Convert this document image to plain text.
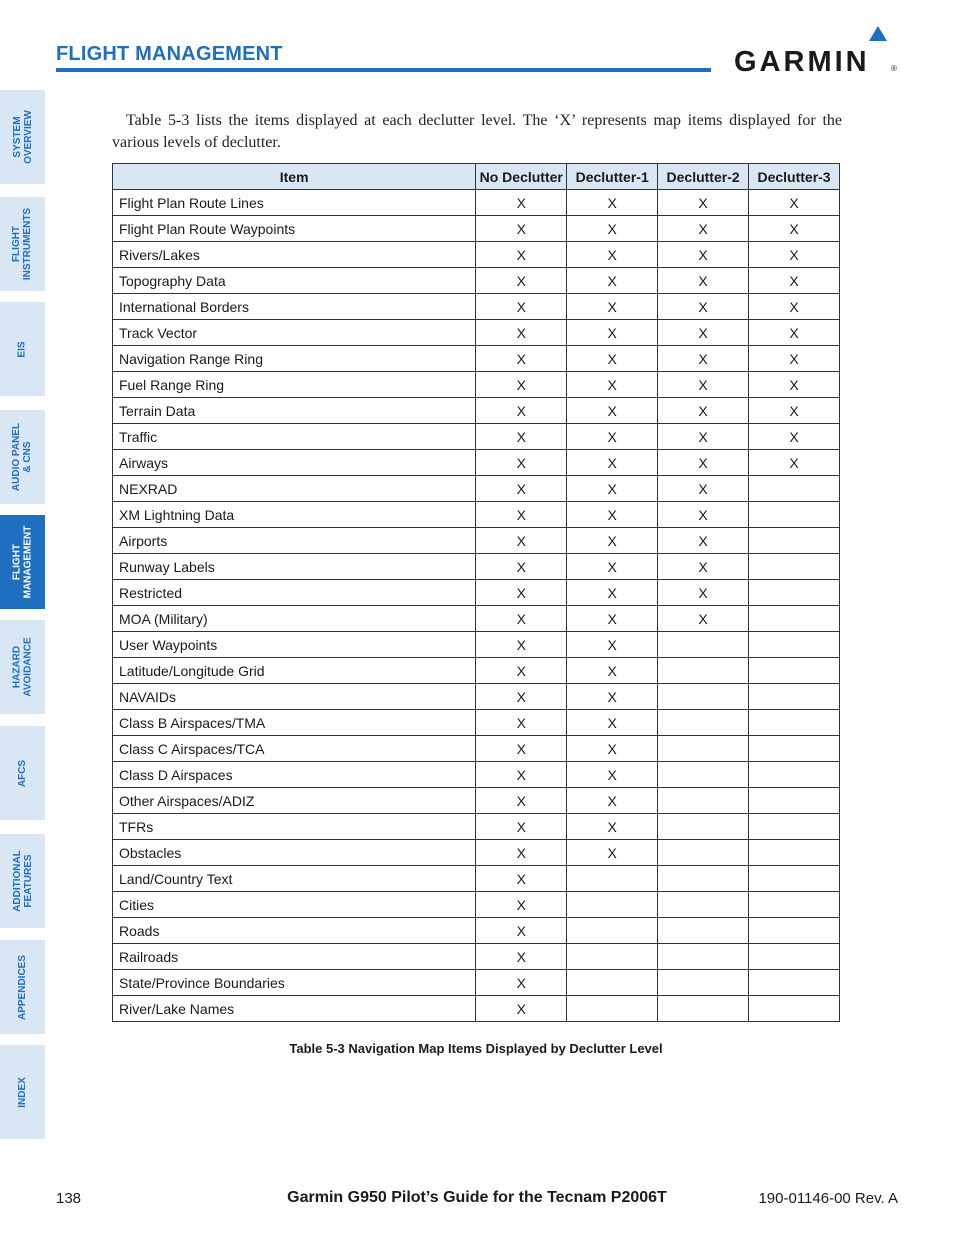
FLIGHT MANAGEMENT	GARMIN	®
SYSTEM
OVERVIEW
FLIGHT
INSTRUMENTS
EIS
AUDIO PANEL
& CNS
FLIGHT
MANAGEMENT
HAZARD
AVOIDANCE
AFCS
ADDITIONAL
FEATURES
APPENDICES
INDEX
Table 5-3 lists the items displayed at each declutter level. The ‘X’ represents map items displayed for the various levels of declutter.
Item	No Declutter	Declutter-1	Declutter-2	Declutter-3
Flight Plan Route Lines	X	X	X	X
Flight Plan Route Waypoints	X	X	X	X
Rivers/Lakes	X	X	X	X
Topography Data	X	X	X	X
International Borders	X	X	X	X
Track Vector	X	X	X	X
Navigation Range Ring	X	X	X	X
Fuel Range Ring	X	X	X	X
Terrain Data	X	X	X	X
Traffic	X	X	X	X
Airways	X	X	X	X
NEXRAD	X	X	X	
XM Lightning Data	X	X	X	
Airports	X	X	X	
Runway Labels	X	X	X	
Restricted	X	X	X	
MOA (Military)	X	X	X	
User Waypoints	X	X		
Latitude/Longitude Grid	X	X		
NAVAIDs	X	X		
Class B Airspaces/TMA	X	X		
Class C Airspaces/TCA	X	X		
Class D Airspaces	X	X		
Other Airspaces/ADIZ	X	X		
TFRs	X	X		
Obstacles	X	X		
Land/Country Text	X			
Cities	X			
Roads	X			
Railroads	X			
State/Province Boundaries	X			
River/Lake Names	X			
Table 5-3 Navigation Map Items Displayed by Declutter Level
138	Garmin G950 Pilot’s Guide for the Tecnam P2006T	190-01146-00 Rev. A
